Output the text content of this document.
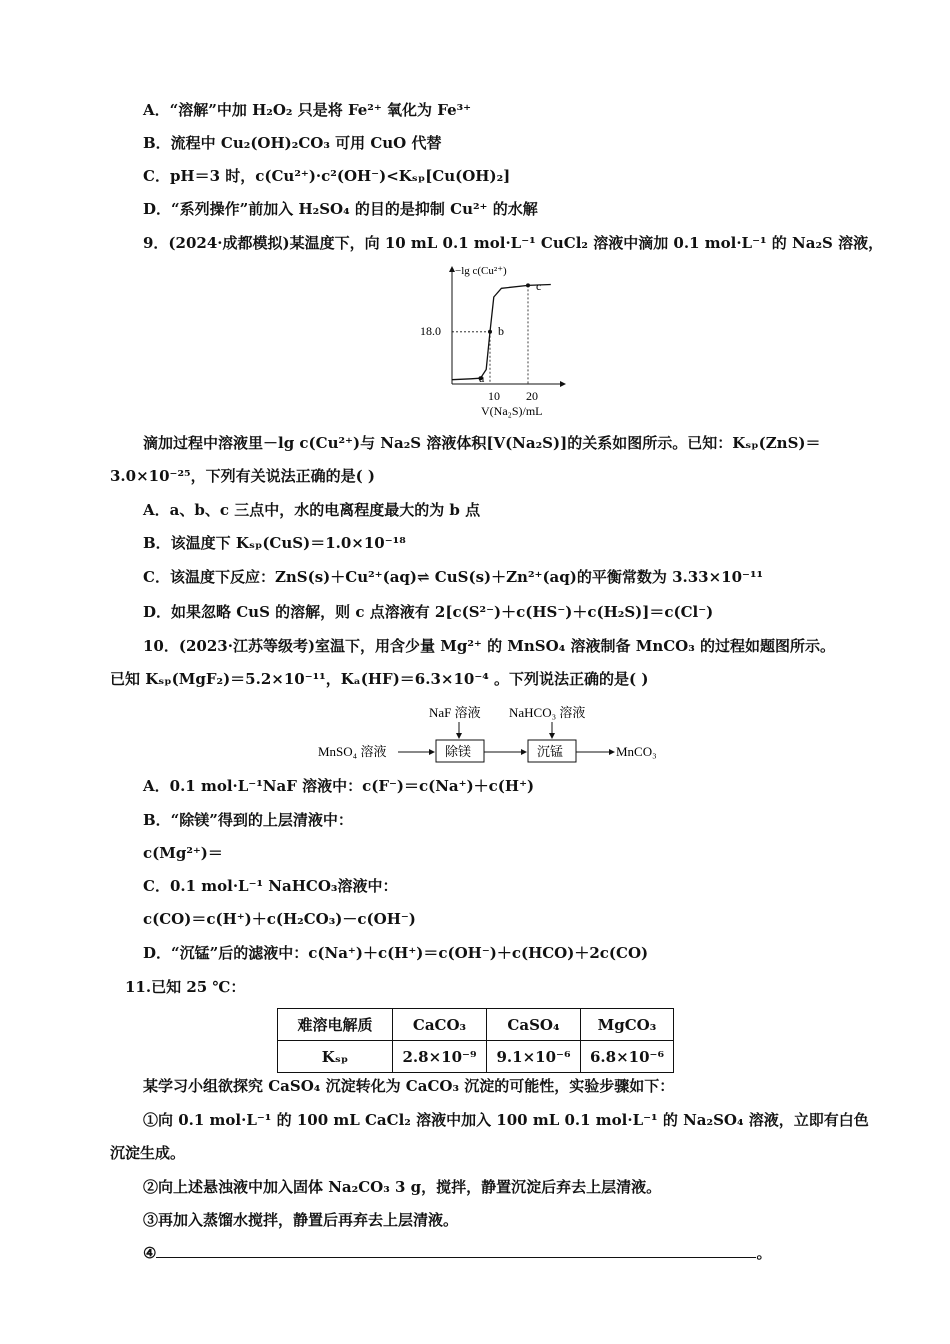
A．“溶解”中加 H₂O₂ 只是将 Fe²⁺ 氧化为 Fe³⁺
B．流程中 Cu₂(OH)₂CO₃ 可用 CuO 代替
C．pH＝3 时，c(Cu²⁺)·c²(OH⁻)<Kₛₚ[Cu(OH)₂]
D．“系列操作”前加入 H₂SO₄ 的目的是抑制 Cu²⁺ 的水解
9．(2024·成都模拟)某温度下，向 10 mL 0.1 mol·L⁻¹ CuCl₂ 溶液中滴加 0.1 mol·L⁻¹ 的 Na₂S 溶液，
−lg c(Cu²⁺)
18.0
10 20
V(Na₂S)/mL
a
b
c
滴加过程中溶液里－lg c(Cu²⁺)与 Na₂S 溶液体积[V(Na₂S)]的关系如图所示。已知：Kₛₚ(ZnS)＝
3.0×10⁻²⁵，下列有关说法正确的是( )
A．a、b、c 三点中，水的电离程度最大的为 b 点
B．该温度下 Kₛₚ(CuS)＝1.0×10⁻¹⁸
C．该温度下反应：ZnS(s)＋Cu²⁺(aq)⇌ CuS(s)＋Zn²⁺(aq)的平衡常数为 3.33×10⁻¹¹
D．如果忽略 CuS 的溶解，则 c 点溶液有 2[c(S²⁻)＋c(HS⁻)＋c(H₂S)]＝c(Cl⁻)
10．(2023·江苏等级考)室温下，用含少量 Mg²⁺ 的 MnSO₄ 溶液制备 MnCO₃ 的过程如题图所示。
已知 Kₛₚ(MgF₂)＝5.2×10⁻¹¹，Kₐ(HF)＝6.3×10⁻⁴ 。下列说法正确的是( )
NaF 溶液 NaHCO₃ 溶液
MnSO₄ 溶液	除镁	沉锰	MnCO₃
A．0.1 mol·L⁻¹NaF 溶液中：c(F⁻)＝c(Na⁺)＋c(H⁺)
B．“除镁”得到的上层清液中：
c(Mg²⁺)＝
C．0.1 mol·L⁻¹ NaHCO₃溶液中：
c(CO)＝c(H⁺)＋c(H₂CO₃)－c(OH⁻)
D．“沉锰”后的滤液中：c(Na⁺)＋c(H⁺)＝c(OH⁻)＋c(HCO)＋2c(CO)
11.已知 25 ℃：
难溶电解质	CaCO₃	CaSO₄	MgCO₃
Kₛₚ	2.8×10⁻⁹	9.1×10⁻⁶	6.8×10⁻⁶
某学习小组欲探究 CaSO₄ 沉淀转化为 CaCO₃ 沉淀的可能性，实验步骤如下：
①向 0.1 mol·L⁻¹ 的 100 mL CaCl₂ 溶液中加入 100 mL 0.1 mol·L⁻¹ 的 Na₂SO₄ 溶液，立即有白色
沉淀生成。
②向上述悬浊液中加入固体 Na₂CO₃ 3 g，搅拌，静置沉淀后弃去上层清液。
③再加入蒸馏水搅拌，静置后再弃去上层清液。
④	。
